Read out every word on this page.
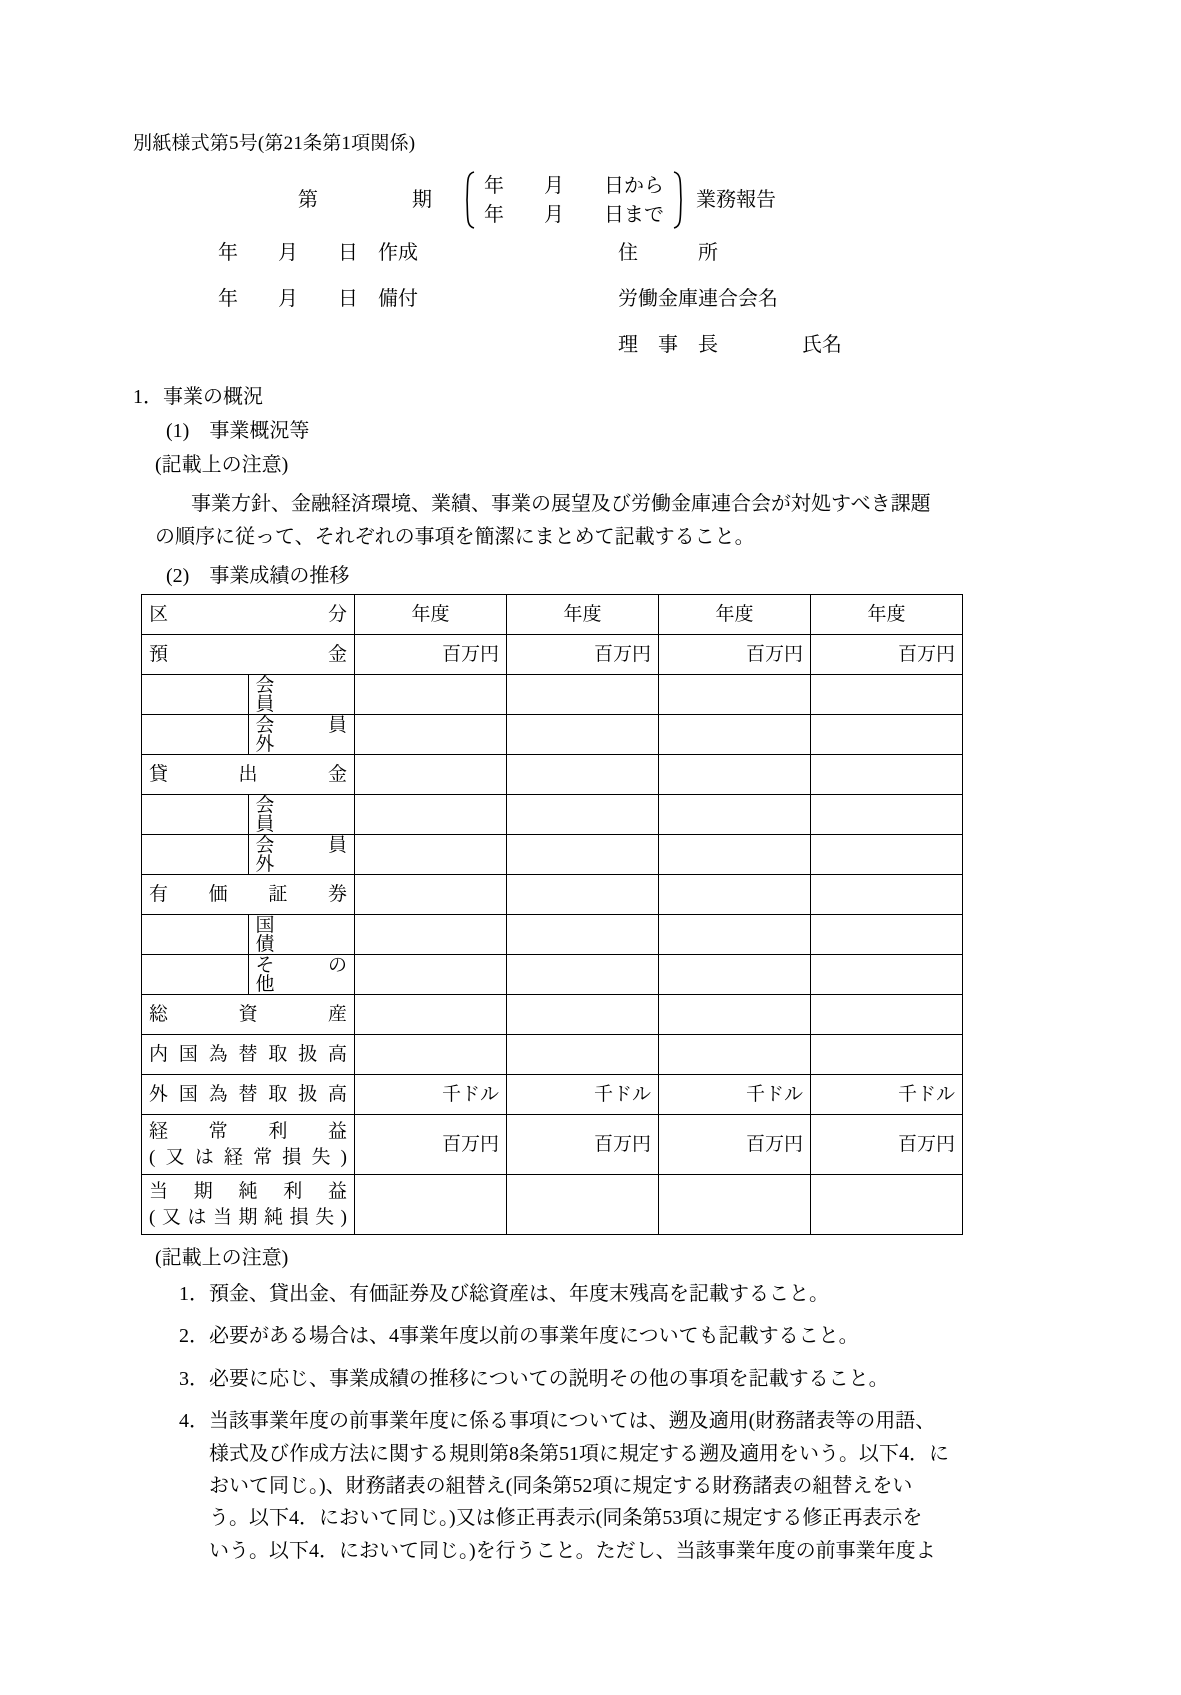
別紙様式第5号(第21条第1項関係)
第　　期
年　　月　　日から
年　　月　　日まで
業務報告
年　　月　　日　作成	住　　　所
年　　月　　日　備付	労働金庫連合会名
理　事　長	氏名
1．事業の概況
(1)　事業概況等
(記載上の注意)
事業方針、金融経済環境、業績、事業の展望及び労働金庫連合会が対処すべき課題
の順序に従って、それぞれの事項を簡潔にまとめて記載すること。
(2)　事業成績の推移
区　　　　　分		年度	年度	年度	年度

預　　　　　金		百万円	百万円	百万円	百万円
	会　　　　員				
	会　　員　　外				

貸　　出　　金					

	会　　　　員				
	会　　員　　外				

有　価　証　券					

	国　　　　債				
	そ　　の　　他				

総　　資　　産					

内国為替取扱高					

外国為替取扱高		千ドル	千ドル	千ドル	千ドル

経　常　利　益
(又は経常損失)		百万円	百万円	百万円	百万円

当　期　純　利　益
(又は当期純損失)					

(記載上の注意)
1．預金、貸出金、有価証券及び総資産は、年度末残高を記載すること。
2．必要がある場合は、4事業年度以前の事業年度についても記載すること。
3．必要に応じ、事業成績の推移についての説明その他の事項を記載すること。
4．当該事業年度の前事業年度に係る事項については、遡及適用(財務諸表等の用語、
様式及び作成方法に関する規則第8条第51項に規定する遡及適用をいう。以下4．に
おいて同じ。)、財務諸表の組替え(同条第52項に規定する財務諸表の組替えをい
う。以下4．において同じ。)又は修正再表示(同条第53項に規定する修正再表示を
いう。以下4．において同じ。)を行うこと。ただし、当該事業年度の前事業年度よ
